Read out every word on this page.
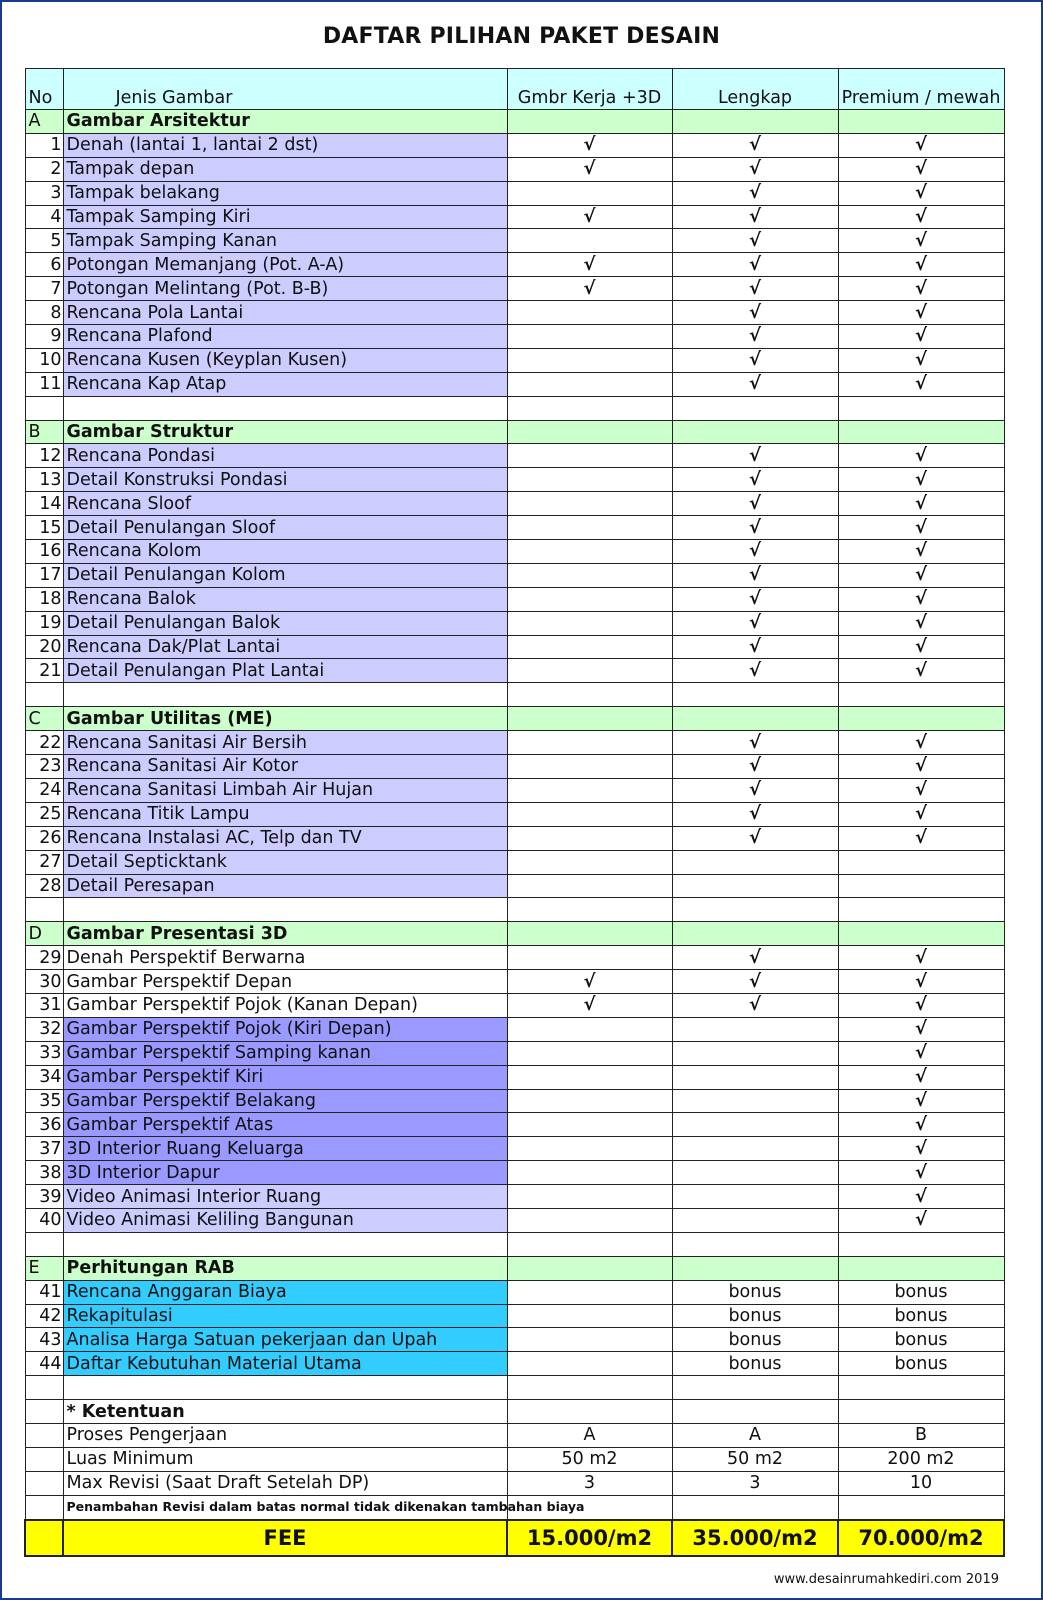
DAFTAR PILIHAN PAKET DESAIN
No	Jenis Gambar	Gmbr Kerja +3D	Lengkap	Premium / mewah
A	Gambar Arsitektur			
1	Denah (lantai 1, lantai 2 dst)	√	√	√
2	Tampak depan	√	√	√
3	Tampak belakang		√	√
4	Tampak Samping Kiri	√	√	√
5	Tampak Samping Kanan		√	√
6	Potongan Memanjang (Pot. A-A)	√	√	√
7	Potongan Melintang (Pot. B-B)	√	√	√
8	Rencana Pola Lantai		√	√
9	Rencana Plafond		√	√
10	Rencana Kusen (Keyplan Kusen)		√	√
11	Rencana Kap Atap		√	√

B	Gambar Struktur			
12	Rencana Pondasi		√	√
13	Detail Konstruksi Pondasi		√	√
14	Rencana Sloof		√	√
15	Detail Penulangan Sloof		√	√
16	Rencana Kolom		√	√
17	Detail Penulangan Kolom		√	√
18	Rencana Balok		√	√
19	Detail Penulangan Balok		√	√
20	Rencana Dak/Plat Lantai		√	√
21	Detail Penulangan Plat Lantai		√	√

C	Gambar Utilitas (ME)			
22	Rencana Sanitasi Air Bersih		√	√
23	Rencana Sanitasi Air Kotor		√	√
24	Rencana Sanitasi Limbah Air Hujan		√	√
25	Rencana Titik Lampu		√	√
26	Rencana Instalasi AC, Telp dan TV		√	√
27	Detail Septicktank			
28	Detail Peresapan			

D	Gambar Presentasi 3D			
29	Denah Perspektif Berwarna		√	√
30	Gambar Perspektif Depan	√	√	√
31	Gambar Perspektif Pojok (Kanan Depan)	√	√	√
32	Gambar Perspektif Pojok (Kiri Depan)			√
33	Gambar Perspektif Samping kanan			√
34	Gambar Perspektif Kiri			√
35	Gambar Perspektif Belakang			√
36	Gambar Perspektif Atas			√
37	3D Interior Ruang Keluarga			√
38	3D Interior Dapur			√
39	Video Animasi Interior Ruang			√
40	Video Animasi Keliling Bangunan			√

E	Perhitungan RAB			
41	Rencana Anggaran Biaya		bonus	bonus
42	Rekapitulasi		bonus	bonus
43	Analisa Harga Satuan pekerjaan dan Upah		bonus	bonus
44	Daftar Kebutuhan Material Utama		bonus	bonus

	* Ketentuan			
	Proses Pengerjaan	A	A	B
	Luas Minimum	50 m2	50 m2	200 m2
	Max Revisi (Saat Draft Setelah DP)	3	3	10
	Penambahan Revisi dalam batas normal tidak dikenakan tambahan biaya			
	FEE	15.000/m2	35.000/m2	70.000/m2
www.desainrumahkediri.com 2019
